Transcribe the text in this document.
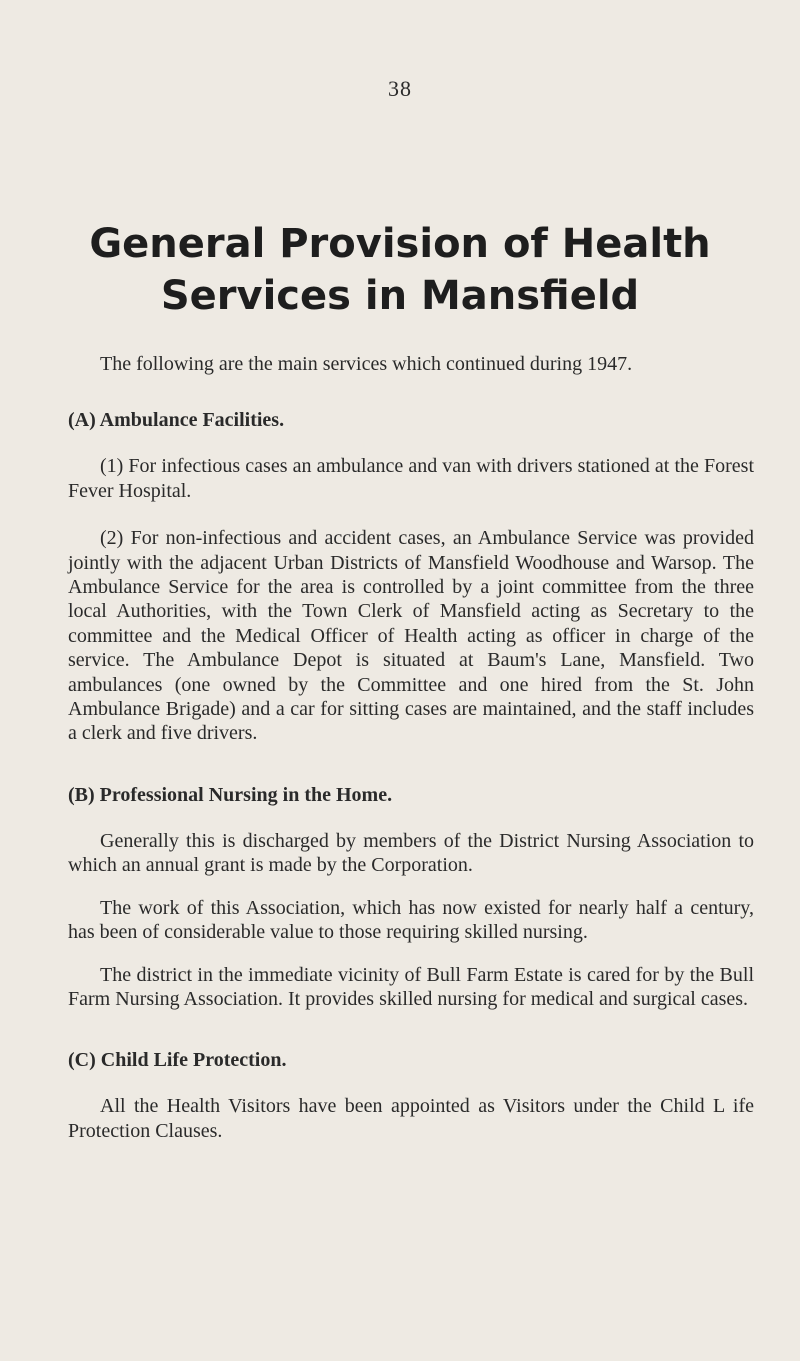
38
General Provision of Health
Services in Mansfield

The following are the main services which continued during 1947.

(A) Ambulance Facilities.

(1) For infectious cases an ambulance and van with drivers stationed at the Forest Fever Hospital.

(2) For non-infectious and accident cases, an Ambulance Service was provided jointly with the adjacent Urban Districts of Mansfield Woodhouse and Warsop. The Ambulance Service for the area is controlled by a joint committee from the three local Authorities, with the Town Clerk of Mansfield acting as Secretary to the committee and the Medical Officer of Health acting as officer in charge of the service. The Ambulance Depot is situated at Baum's Lane, Mansfield. Two ambulances (one owned by the Committee and one hired from the St. John Ambulance Brigade) and a car for sitting cases are maintained, and the staff includes a clerk and five drivers.

(B) Professional Nursing in the Home.

Generally this is discharged by members of the District Nursing Association to which an annual grant is made by the Corporation.

The work of this Association, which has now existed for nearly half a century, has been of considerable value to those requiring skilled nursing.

The district in the immediate vicinity of Bull Farm Estate is cared for by the Bull Farm Nursing Association. It provides skilled nursing for medical and surgical cases.

(C) Child Life Protection.

All the Health Visitors have been appointed as Visitors under the Child L ife Protection Clauses.
